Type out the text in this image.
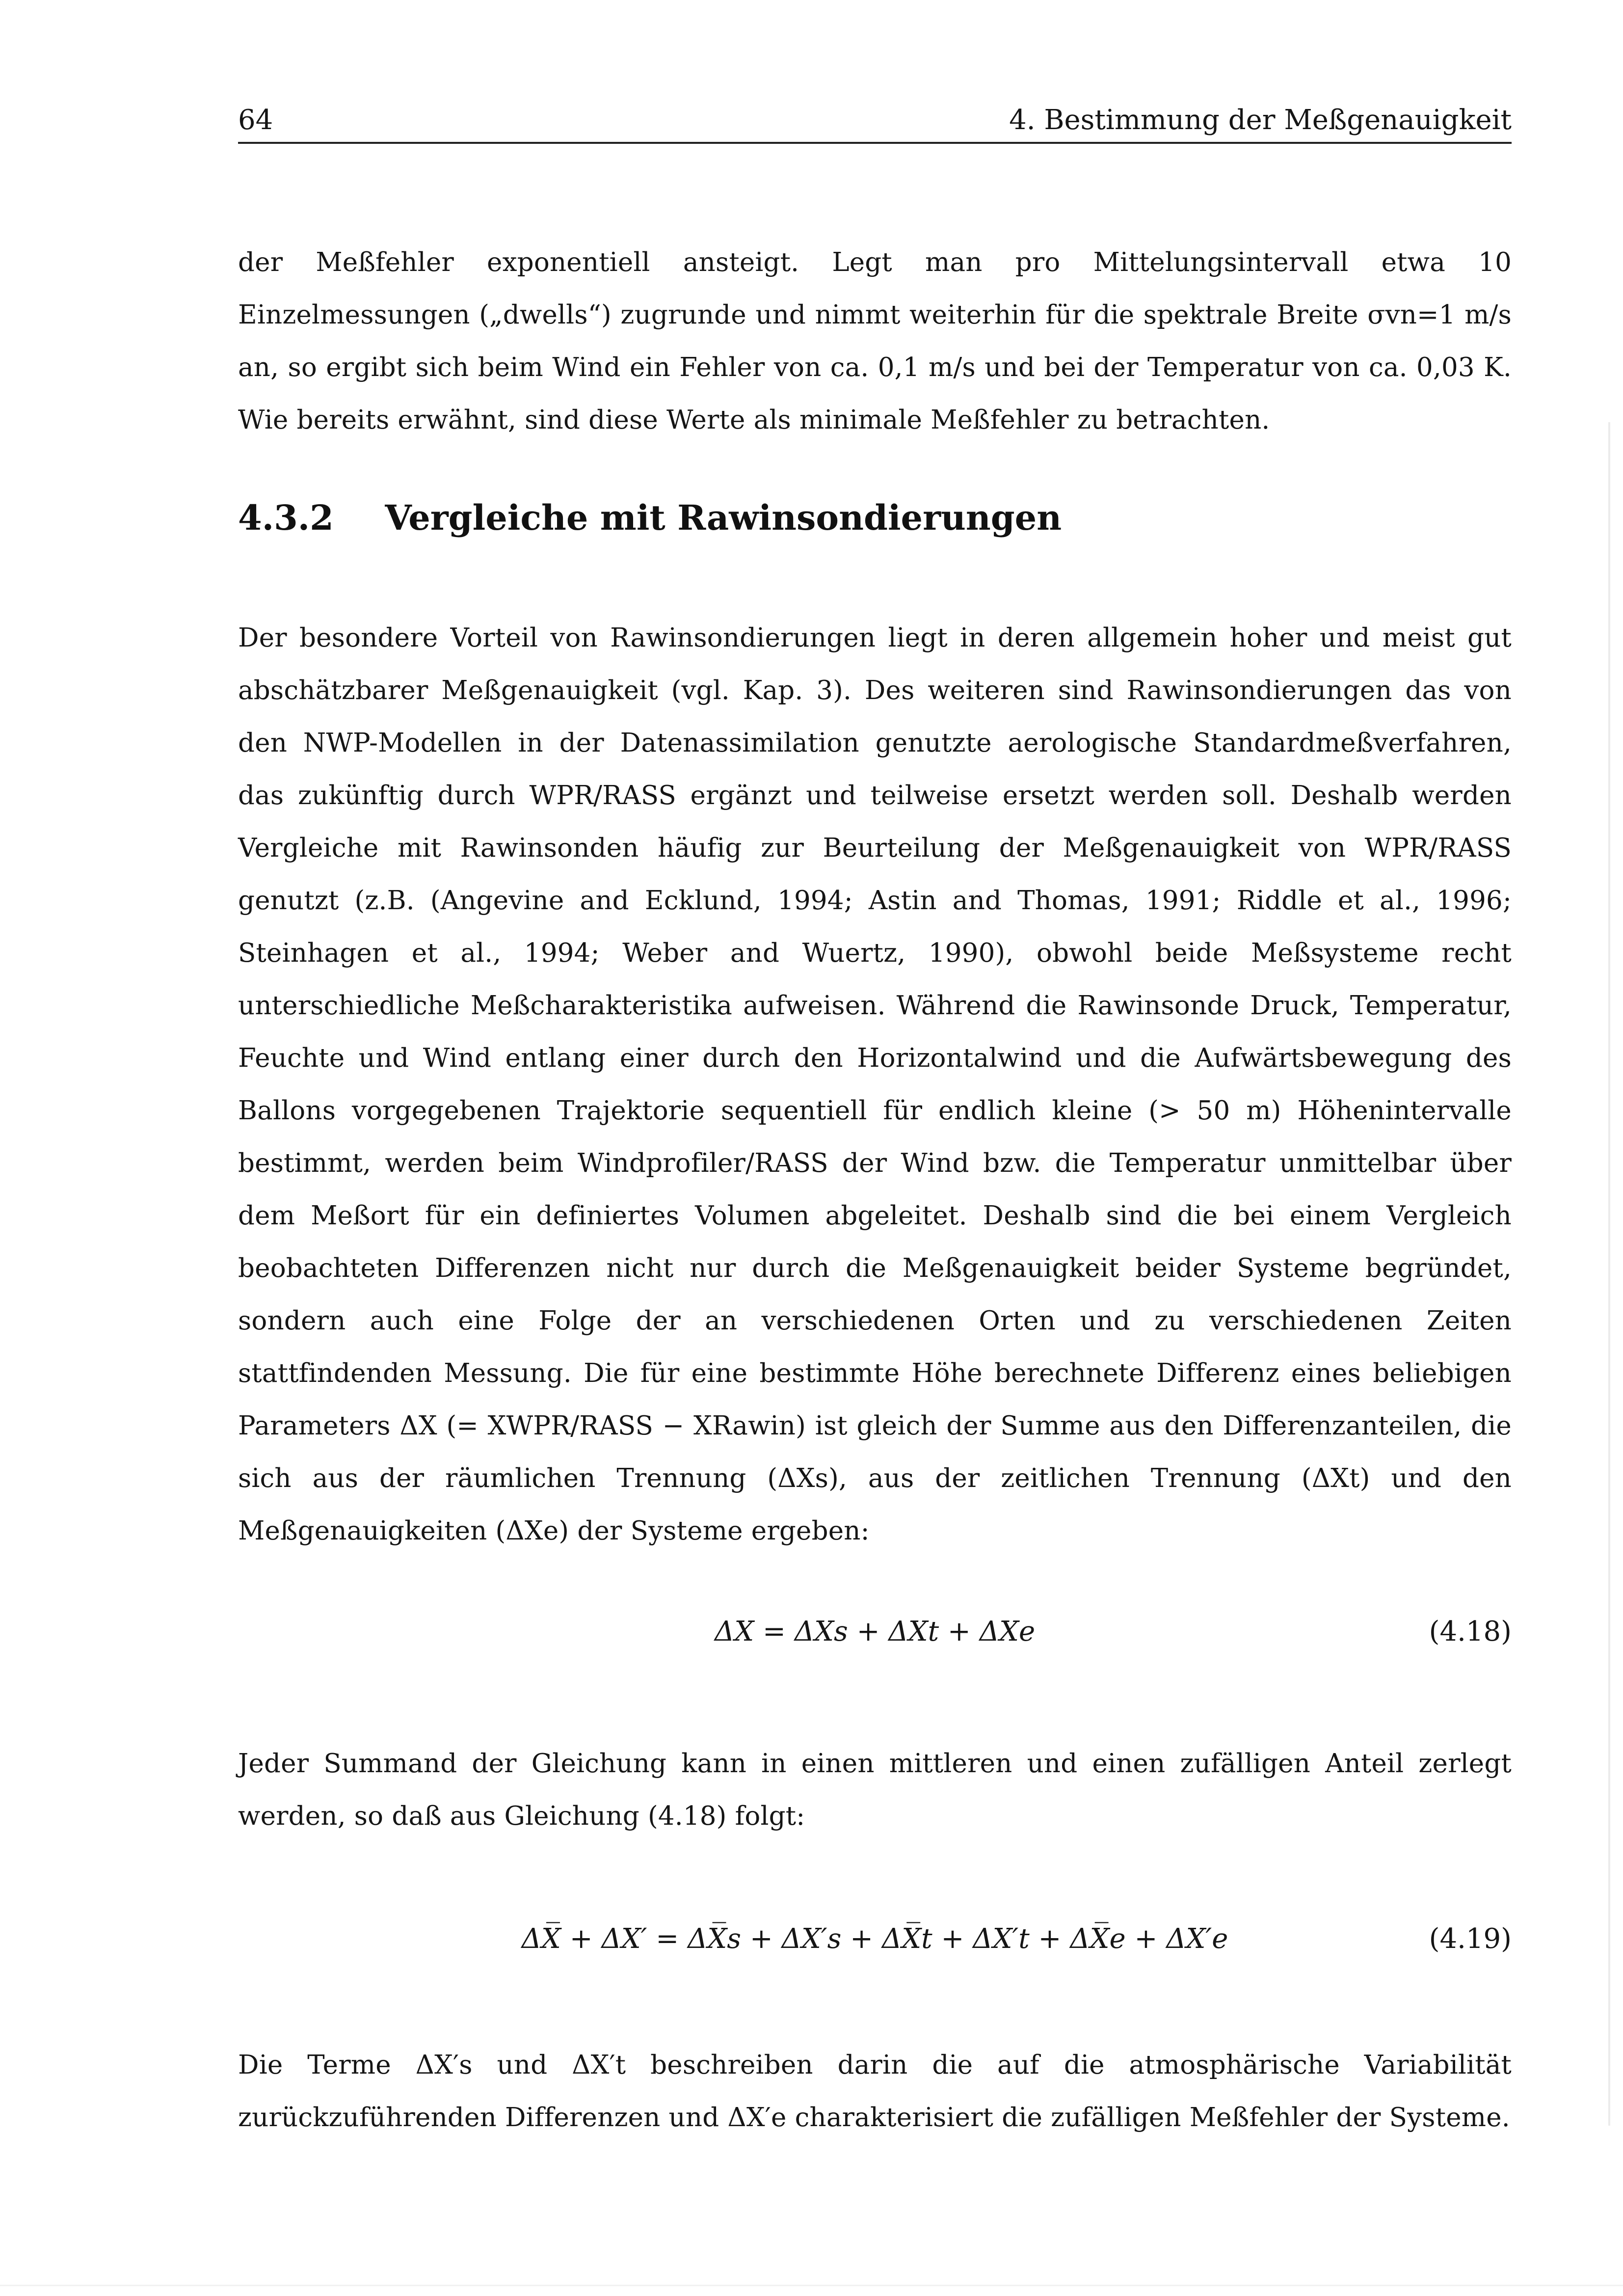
64	4. Bestimmung der Meßgenauigkeit

der Meßfehler exponentiell ansteigt. Legt man pro Mittelungsintervall etwa 10 Einzelmessungen („dwells“) zugrunde und nimmt weiterhin für die spektrale Breite σvn=1 m/s an, so ergibt sich beim Wind ein Fehler von ca. 0,1 m/s und bei der Temperatur von ca. 0,03 K. Wie bereits erwähnt, sind diese Werte als minimale Meßfehler zu betrachten.

4.3.2 Vergleiche mit Rawinsondierungen

Der besondere Vorteil von Rawinsondierungen liegt in deren allgemein hoher und meist gut abschätzbarer Meßgenauigkeit (vgl. Kap. 3). Des weiteren sind Rawinsondierungen das von den NWP-Modellen in der Datenassimilation genutzte aerologische Standardmeßverfahren, das zukünftig durch WPR/RASS ergänzt und teilweise ersetzt werden soll. Deshalb werden Vergleiche mit Rawinsonden häufig zur Beurteilung der Meßgenauigkeit von WPR/RASS genutzt (z.B. (Angevine and Ecklund, 1994; Astin and Thomas, 1991; Riddle et al., 1996; Steinhagen et al., 1994; Weber and Wuertz, 1990), obwohl beide Meßsysteme recht unterschiedliche Meßcharakteristika aufweisen. Während die Rawinsonde Druck, Temperatur, Feuchte und Wind entlang einer durch den Horizontalwind und die Aufwärtsbewegung des Ballons vorgegebenen Trajektorie sequentiell für endlich kleine (> 50 m) Höhenintervalle bestimmt, werden beim Windprofiler/RASS der Wind bzw. die Temperatur unmittelbar über dem Meßort für ein definiertes Volumen abgeleitet. Deshalb sind die bei einem Vergleich beobachteten Differenzen nicht nur durch die Meßgenauigkeit beider Systeme begründet, sondern auch eine Folge der an verschiedenen Orten und zu verschiedenen Zeiten stattfindenden Messung. Die für eine bestimmte Höhe berechnete Differenz eines beliebigen Parameters ΔX (= XWPR/RASS − XRawin) ist gleich der Summe aus den Differenzanteilen, die sich aus der räumlichen Trennung (ΔXs), aus der zeitlichen Trennung (ΔXt) und den Meßgenauigkeiten (ΔXe) der Systeme ergeben:

ΔX = ΔXs + ΔXt + ΔXe	(4.18)

Jeder Summand der Gleichung kann in einen mittleren und einen zufälligen Anteil zerlegt werden, so daß aus Gleichung (4.18) folgt:

ΔX̅ + ΔX′ = ΔX̅s + ΔX′s + ΔX̅t + ΔX′t + ΔX̅e + ΔX′e	(4.19)

Die Terme ΔX′s und ΔX′t beschreiben darin die auf die atmosphärische Variabilität zurückzuführenden Differenzen und ΔX′e charakterisiert die zufälligen Meßfehler der Systeme.
